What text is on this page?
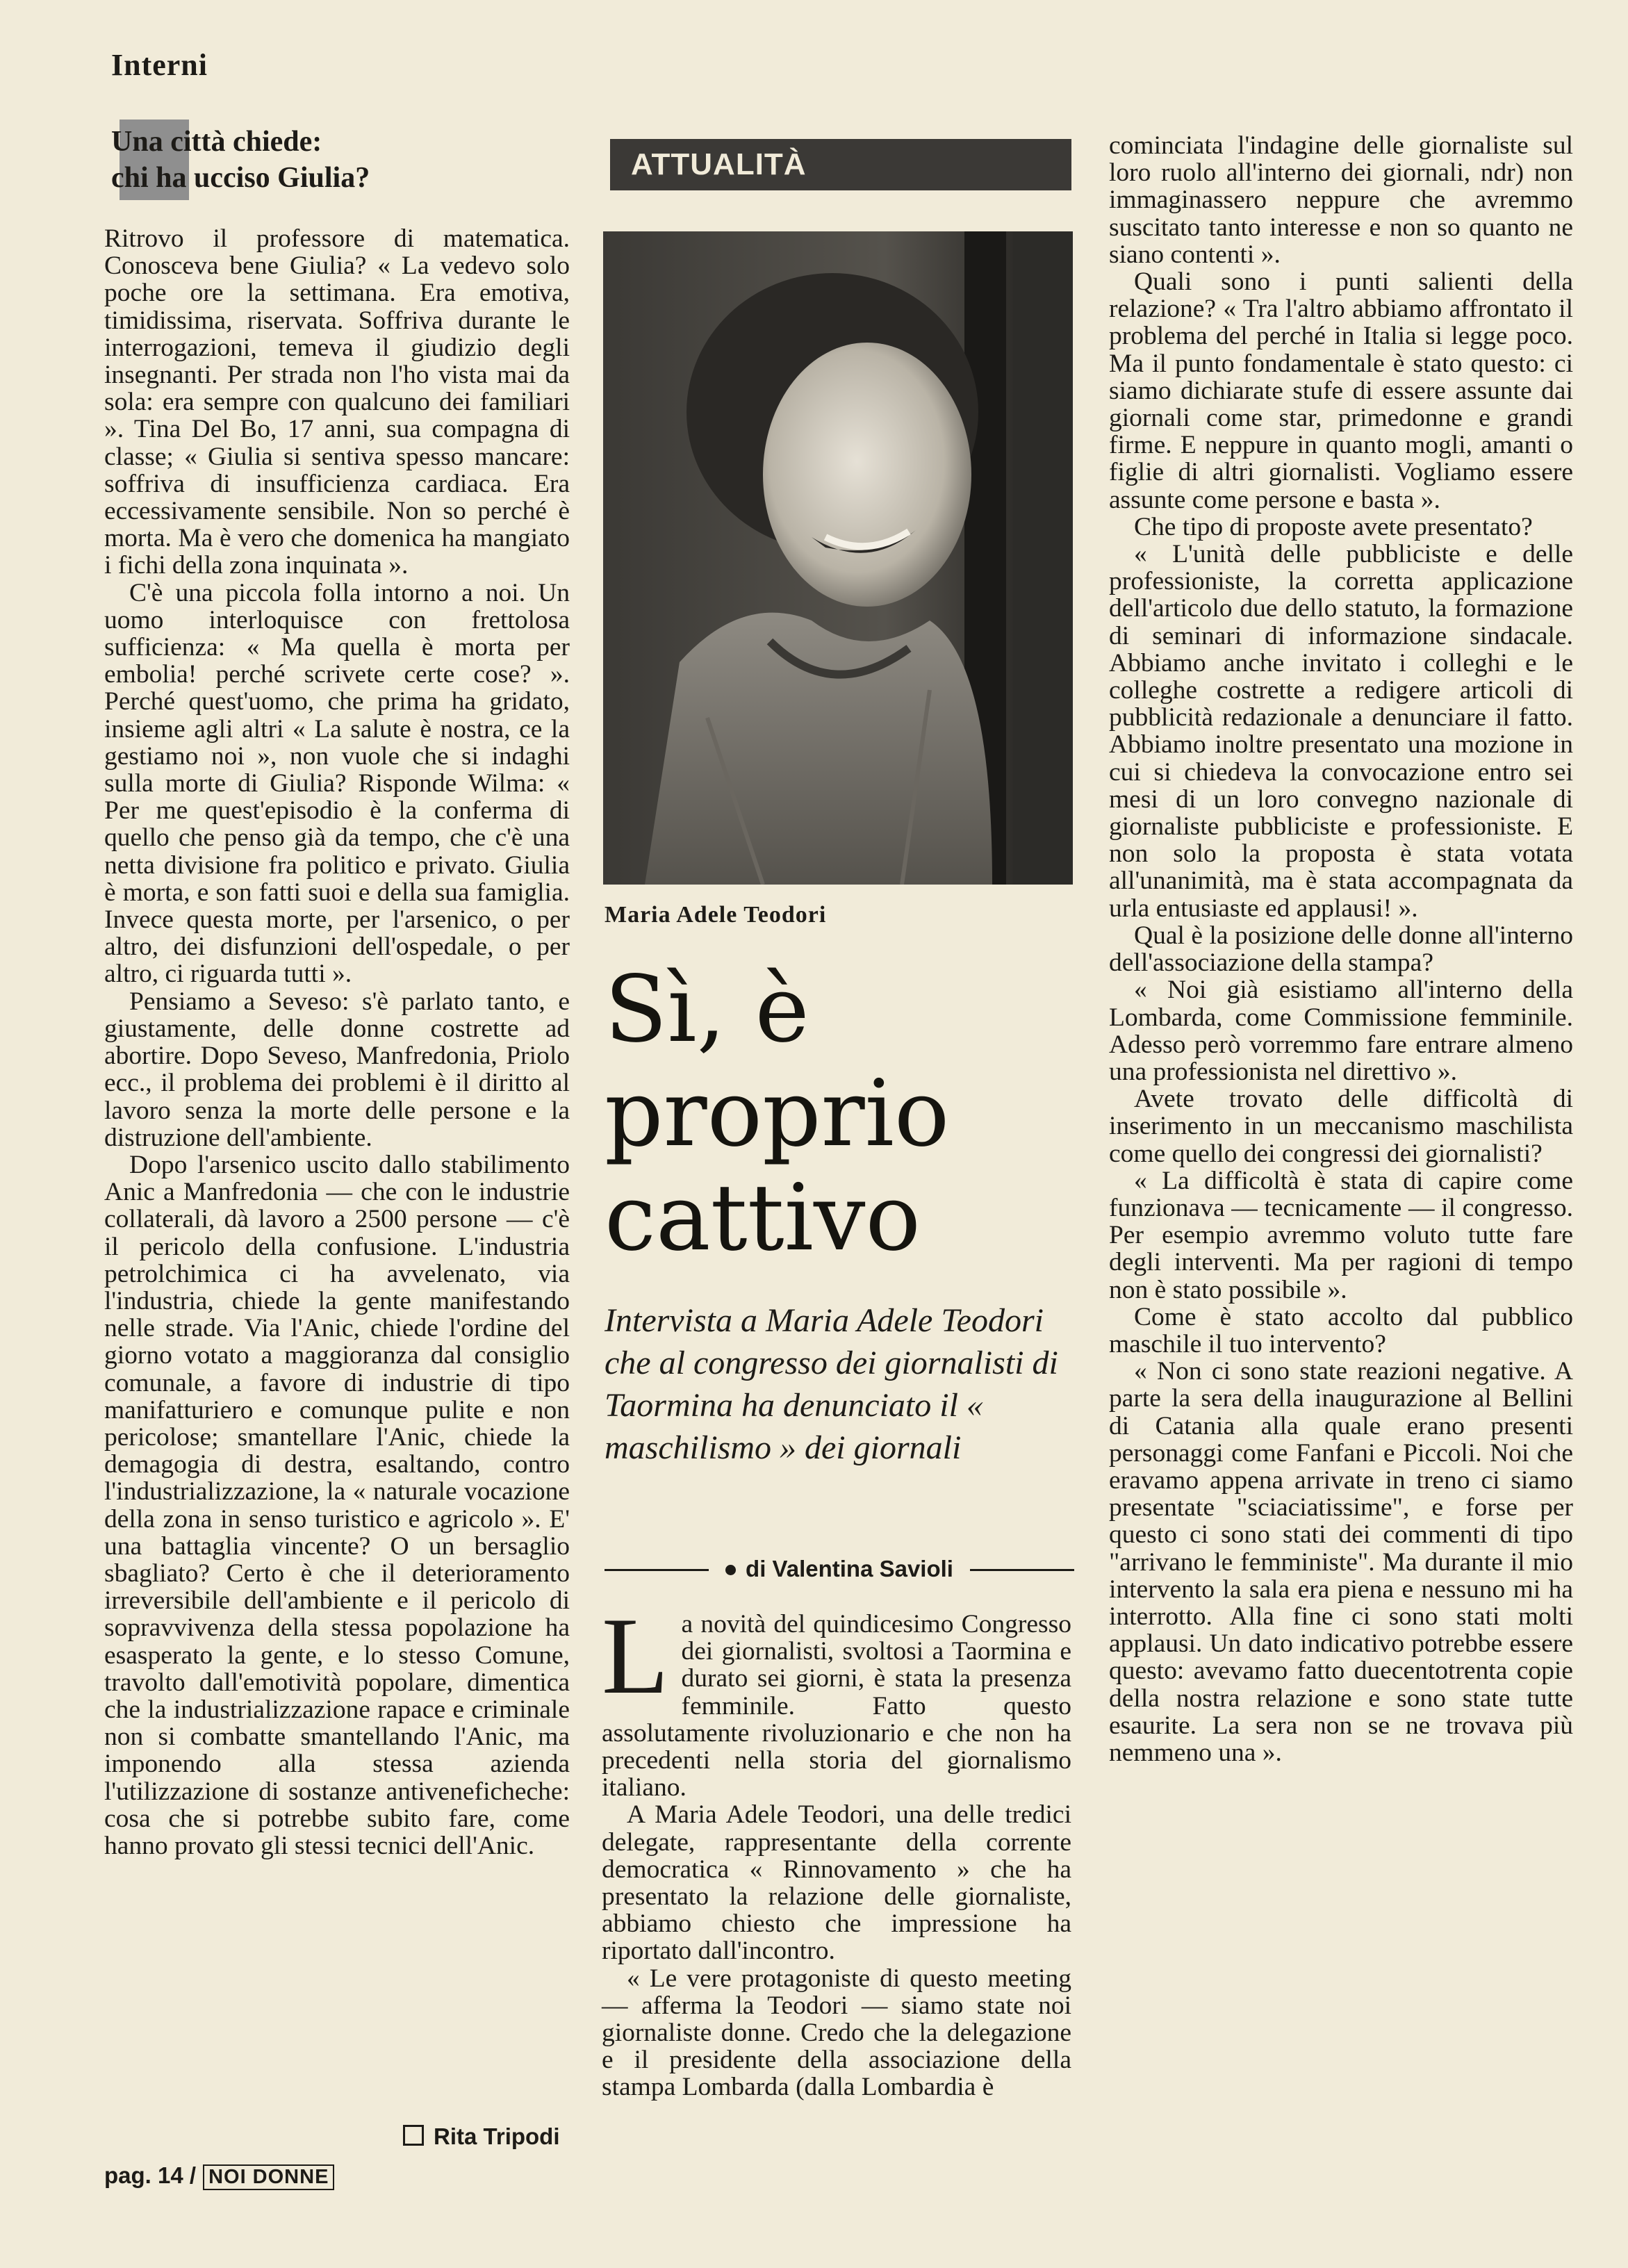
Interni
Una città chiede:
chi ha ucciso Giulia?

Ritrovo il professore di matematica. Conosceva bene Giulia? « La vedevo solo poche ore la settimana. Era emotiva, timidissima, riservata. Soffriva durante le interrogazioni, temeva il giudizio degli insegnanti. Per strada non l'ho vista mai da sola: era sempre con qualcuno dei familiari ». Tina Del Bo, 17 anni, sua compagna di classe; « Giulia si sentiva spesso mancare: soffriva di insufficienza cardiaca. Era eccessivamente sensibile. Non so perché è morta. Ma è vero che domenica ha mangiato i fichi della zona inquinata ».

C'è una piccola folla intorno a noi. Un uomo interloquisce con frettolosa sufficienza: « Ma quella è morta per embolia! perché scrivete certe cose? ». Perché quest'uomo, che prima ha gridato, insieme agli altri « La salute è nostra, ce la gestiamo noi », non vuole che si indaghi sulla morte di Giulia? Risponde Wilma: « Per me quest'episodio è la conferma di quello che penso già da tempo, che c'è una netta divisione fra politico e privato. Giulia è morta, e son fatti suoi e della sua famiglia. Invece questa morte, per l'arsenico, o per altro, dei disfunzioni dell'ospedale, o per altro, ci riguarda tutti ».

Pensiamo a Seveso: s'è parlato tanto, e giustamente, delle donne costrette ad abortire. Dopo Seveso, Manfredonia, Priolo ecc., il problema dei problemi è il diritto al lavoro senza la morte delle persone e la distruzione dell'ambiente.

Dopo l'arsenico uscito dallo stabilimento Anic a Manfredonia — che con le industrie collaterali, dà lavoro a 2500 persone — c'è il pericolo della confusione. L'industria petrolchimica ci ha avvelenato, via l'industria, chiede la gente manifestando nelle strade. Via l'Anic, chiede l'ordine del giorno votato a maggioranza dal consiglio comunale, a favore di industrie di tipo manifatturiero e comunque pulite e non pericolose; smantellare l'Anic, chiede la demagogia di destra, esaltando, contro l'industrializzazione, la « naturale vocazione della zona in senso turistico e agricolo ». E' una battaglia vincente? O un bersaglio sbagliato? Certo è che il deterioramento irreversibile dell'ambiente e il pericolo di sopravvivenza della stessa popolazione ha esasperato la gente, e lo stesso Comune, travolto dall'emotività popolare, dimentica che la industrializzazione rapace e criminale non si combatte smantellando l'Anic, ma imponendo alla stessa azienda l'utilizzazione di sostanze antiveneficheche: cosa che si potrebbe subito fare, come hanno provato gli stessi tecnici dell'Anic.

Rita Tripodi
ATTUALITÀ
Maria Adele Teodori
Sì, è
proprio
cattivo
Intervista a Maria Adele Teodori che al congresso dei giornalisti di Taormina ha denunciato il « maschilismo » dei giornali
di Valentina Savioli

La novità del quindicesimo Congresso dei giornalisti, svoltosi a Taormina e durato sei giorni, è stata la presenza femminile. Fatto questo assolutamente rivoluzionario e che non ha precedenti nella storia del giornalismo italiano.

A Maria Adele Teodori, una delle tredici delegate, rappresentante della corrente democratica « Rinnovamento » che ha presentato la relazione delle giornaliste, abbiamo chiesto che impressione ha riportato dall'incontro.

« Le vere protagoniste di questo meeting — afferma la Teodori — siamo state noi giornaliste donne. Credo che la delegazione e il presidente della associazione della stampa Lombarda (dalla Lombardia è

cominciata l'indagine delle giornaliste sul loro ruolo all'interno dei giornali, ndr) non immaginassero neppure che avremmo suscitato tanto interesse e non so quanto ne siano contenti ».

Quali sono i punti salienti della relazione? « Tra l'altro abbiamo affrontato il problema del perché in Italia si legge poco. Ma il punto fondamentale è stato questo: ci siamo dichiarate stufe di essere assunte dai giornali come star, primedonne e grandi firme. E neppure in quanto mogli, amanti o figlie di altri giornalisti. Vogliamo essere assunte come persone e basta ».

Che tipo di proposte avete presentato?

« L'unità delle pubbliciste e delle professioniste, la corretta applicazione dell'articolo due dello statuto, la formazione di seminari di informazione sindacale. Abbiamo anche invitato i colleghi e le colleghe costrette a redigere articoli di pubblicità redazionale a denunciare il fatto. Abbiamo inoltre presentato una mozione in cui si chiedeva la convocazione entro sei mesi di un loro convegno nazionale di giornaliste pubbliciste e professioniste. E non solo la proposta è stata votata all'unanimità, ma è stata accompagnata da urla entusiaste ed applausi! ».

Qual è la posizione delle donne all'interno dell'associazione della stampa?

« Noi già esistiamo all'interno della Lombarda, come Commissione femminile. Adesso però vorremmo fare entrare almeno una professionista nel direttivo ».

Avete trovato delle difficoltà di inserimento in un meccanismo maschilista come quello dei congressi dei giornalisti?

« La difficoltà è stata di capire come funzionava — tecnicamente — il congresso. Per esempio avremmo voluto tutte fare degli interventi. Ma per ragioni di tempo non è stato possibile ».

Come è stato accolto dal pubblico maschile il tuo intervento?

« Non ci sono state reazioni negative. A parte la sera della inaugurazione al Bellini di Catania alla quale erano presenti personaggi come Fanfani e Piccoli. Noi che eravamo appena arrivate in treno ci siamo presentate "sciaciatissime", e forse per questo ci sono stati dei commenti di tipo "arrivano le femministe". Ma durante il mio intervento la sala era piena e nessuno mi ha interrotto. Alla fine ci sono stati molti applausi. Un dato indicativo potrebbe essere questo: avevamo fatto duecentotrenta copie della nostra relazione e sono state tutte esaurite. La sera non se ne trovava più nemmeno una ».

pag. 14 / NOI DONNE
